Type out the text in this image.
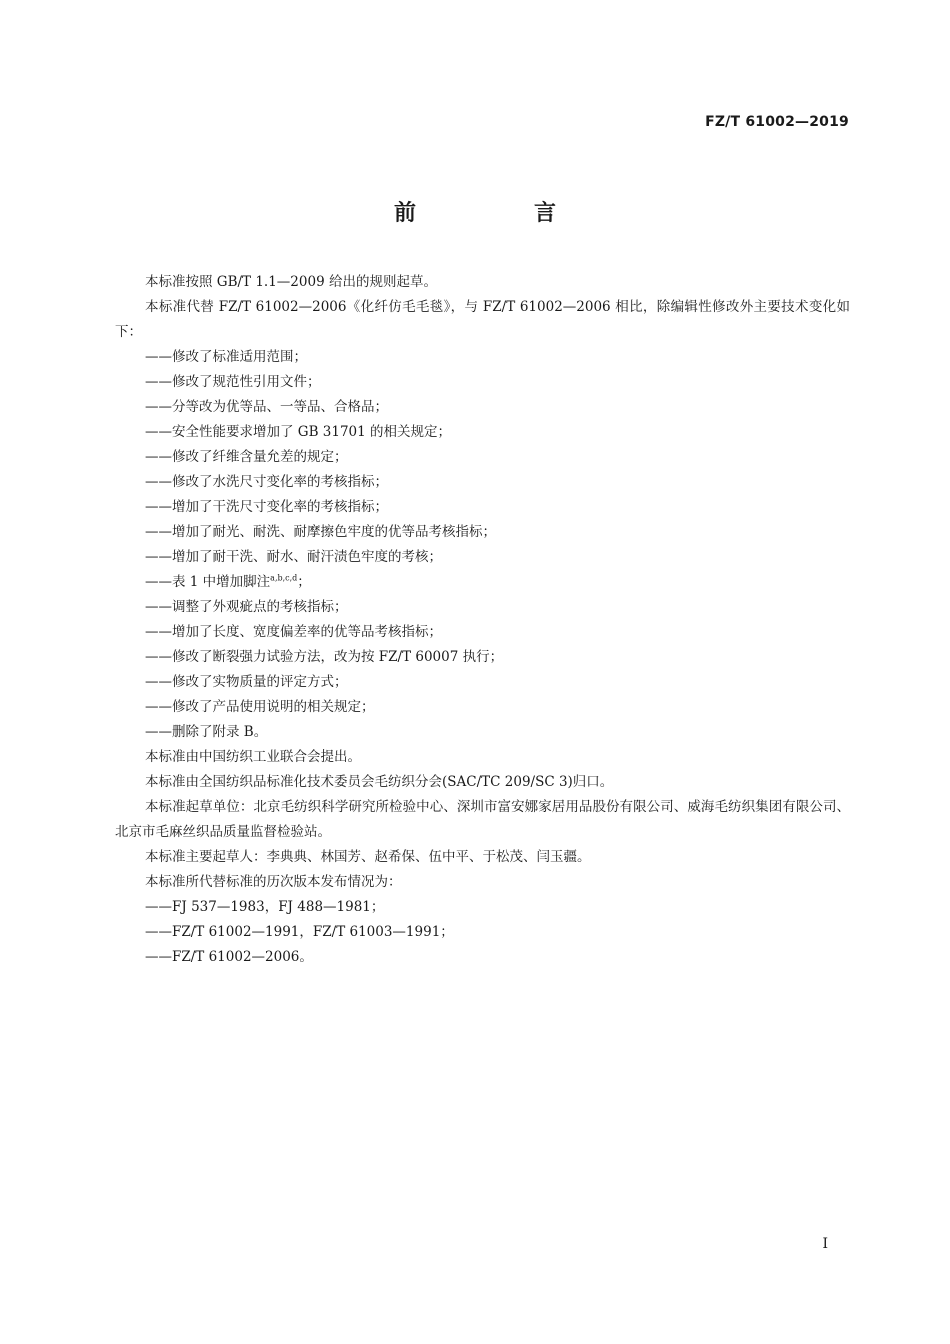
FZ/T 61002—2019
前　言

本标准按照 GB/T 1.1—2009 给出的规则起草。

本标准代替 FZ/T 61002—2006《化纤仿毛毛毯》，与 FZ/T 61002—2006 相比，除编辑性修改外主要技术变化如下：

——修改了标准适用范围；

——修改了规范性引用文件；

——分等改为优等品、一等品、合格品；

——安全性能要求增加了 GB 31701 的相关规定；

——修改了纤维含量允差的规定；

——修改了水洗尺寸变化率的考核指标；

——增加了干洗尺寸变化率的考核指标；

——增加了耐光、耐洗、耐摩擦色牢度的优等品考核指标；

——增加了耐干洗、耐水、耐汗渍色牢度的考核；

——表 1 中增加脚注$^{a,b,c,d}$；

——调整了外观疵点的考核指标；

——增加了长度、宽度偏差率的优等品考核指标；

——修改了断裂强力试验方法，改为按 FZ/T 60007 执行；

——修改了实物质量的评定方式；

——修改了产品使用说明的相关规定；

——删除了附录 B。

本标准由中国纺织工业联合会提出。

本标准由全国纺织品标准化技术委员会毛纺织分会(SAC/TC 209/SC 3)归口。

本标准起草单位：北京毛纺织科学研究所检验中心、深圳市富安娜家居用品股份有限公司、威海毛纺织集团有限公司、北京市毛麻丝织品质量监督检验站。

本标准主要起草人：李典典、林国芳、赵希保、伍中平、于松茂、闫玉疆。

本标准所代替标准的历次版本发布情况为：

——FJ 537—1983，FJ 488—1981；

——FZ/T 61002—1991，FZ/T 61003—1991；

——FZ/T 61002—2006。

I
